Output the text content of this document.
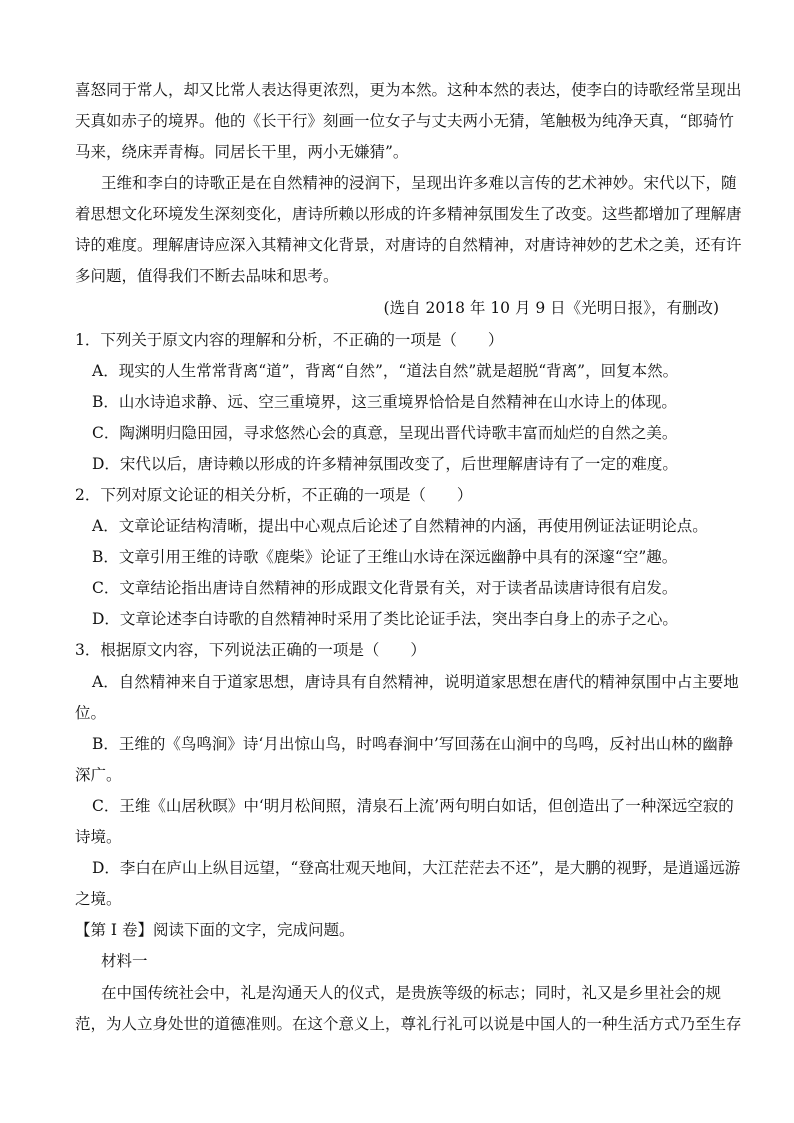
喜怒同于常人，却又比常人表达得更浓烈，更为本然。这种本然的表达，使李白的诗歌经常呈现出
天真如赤子的境界。他的《长干行》刻画一位女子与丈夫两小无猜，笔触极为纯净天真，“郎骑竹
马来，绕床弄青梅。同居长干里，两小无嫌猜”。
王维和李白的诗歌正是在自然精神的浸润下，呈现出许多难以言传的艺术神妙。宋代以下，随
着思想文化环境发生深刻变化，唐诗所赖以形成的许多精神氛围发生了改变。这些都增加了理解唐
诗的难度。理解唐诗应深入其精神文化背景，对唐诗的自然精神，对唐诗神妙的艺术之美，还有许
多问题，值得我们不断去品味和思考。
(选自 2018 年 10 月 9 日《光明日报》，有删改)
1．下列关于原文内容的理解和分析，不正确的一项是（　　）
A．现实的人生常常背离“道”，背离“自然”，“道法自然”就是超脱“背离”，回复本然。
B．山水诗追求静、远、空三重境界，这三重境界恰恰是自然精神在山水诗上的体现。
C．陶渊明归隐田园，寻求悠然心会的真意，呈现出晋代诗歌丰富而灿烂的自然之美。
D．宋代以后，唐诗赖以形成的许多精神氛围改变了，后世理解唐诗有了一定的难度。
2．下列对原文论证的相关分析，不正确的一项是（　　）
A．文章论证结构清晰，提出中心观点后论述了自然精神的内涵，再使用例证法证明论点。
B．文章引用王维的诗歌《鹿柴》论证了王维山水诗在深远幽静中具有的深邃“空”趣。
C．文章结论指出唐诗自然精神的形成跟文化背景有关，对于读者品读唐诗很有启发。
D．文章论述李白诗歌的自然精神时采用了类比论证手法，突出李白身上的赤子之心。
3．根据原文内容，下列说法正确的一项是（　　）
A．自然精神来自于道家思想，唐诗具有自然精神，说明道家思想在唐代的精神氛围中占主要地
位。
B．王维的《鸟鸣涧》诗‘月出惊山鸟，时鸣春涧中’写回荡在山涧中的鸟鸣，反衬出山林的幽静
深广。
C．王维《山居秋暝》中‘明月松间照，清泉石上流’两句明白如话，但创造出了一种深远空寂的
诗境。
D．李白在庐山上纵目远望，“登高壮观天地间，大江茫茫去不还”，是大鹏的视野，是逍遥远游
之境。
【第 I 卷】阅读下面的文字，完成问题。
材料一
在中国传统社会中，礼是沟通天人的仪式，是贵族等级的标志；同时，礼又是乡里社会的规
范，为人立身处世的道德准则。在这个意义上，尊礼行礼可以说是中国人的一种生活方式乃至生存
